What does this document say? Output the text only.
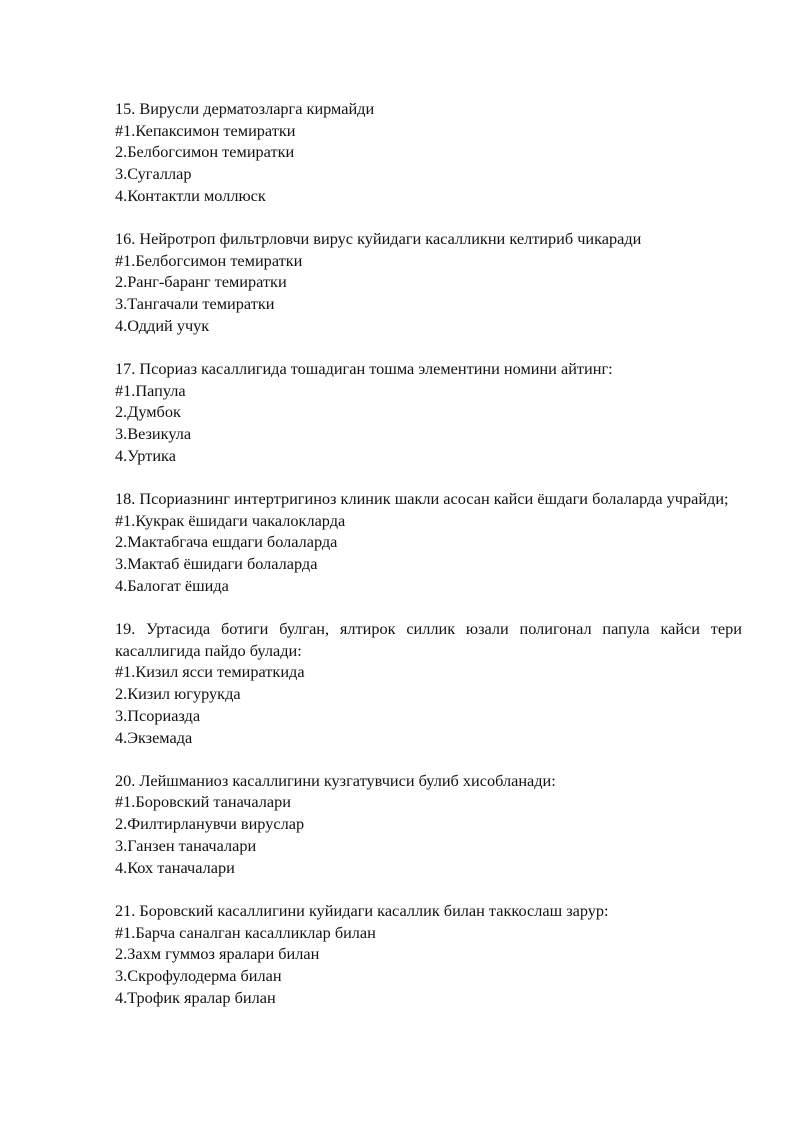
15. Вирусли дерматозларга кирмайди
#1.Кепаксимон темиратки
2.Белбогсимон темиратки
3.Сугаллар
4.Контактли моллюск
16. Нейротроп фильтрловчи вирус куйидаги касалликни келтириб чикаради
#1.Белбогсимон темиратки
2.Ранг-баранг темиратки
3.Тангачали темиратки
4.Оддий учук
17. Псориаз касаллигида тошадиган тошма элементини номини айтинг:
#1.Папула
2.Думбок
3.Везикула
4.Уртика
18. Псориазнинг интертригиноз клиник шакли асосан кайси ёшдаги болаларда учрайди;
#1.Кукрак ёшидаги чакалокларда
2.Мактабгача ешдаги болаларда
3.Мактаб ёшидаги болаларда
4.Балогат ёшида
19. Уртасида ботиги булган, ялтирок силлик юзали полигонал папула кайси тери касаллигида пайдо булади:
#1.Кизил ясси темираткида
2.Кизил югурукда
3.Псориазда
4.Экземада
20. Лейшманиоз касаллигини кузгатувчиси булиб хисобланади:
#1.Боровский таначалари
2.Филтирланувчи вируслар
3.Ганзен таначалари
4.Кох таначалари
21. Боровский касаллигини куйидаги касаллик билан таккослаш зарур:
#1.Барча саналган касалликлар билан
2.Захм гуммоз яралари билан
3.Скрофулодерма билан
4.Трофик яралар билан
